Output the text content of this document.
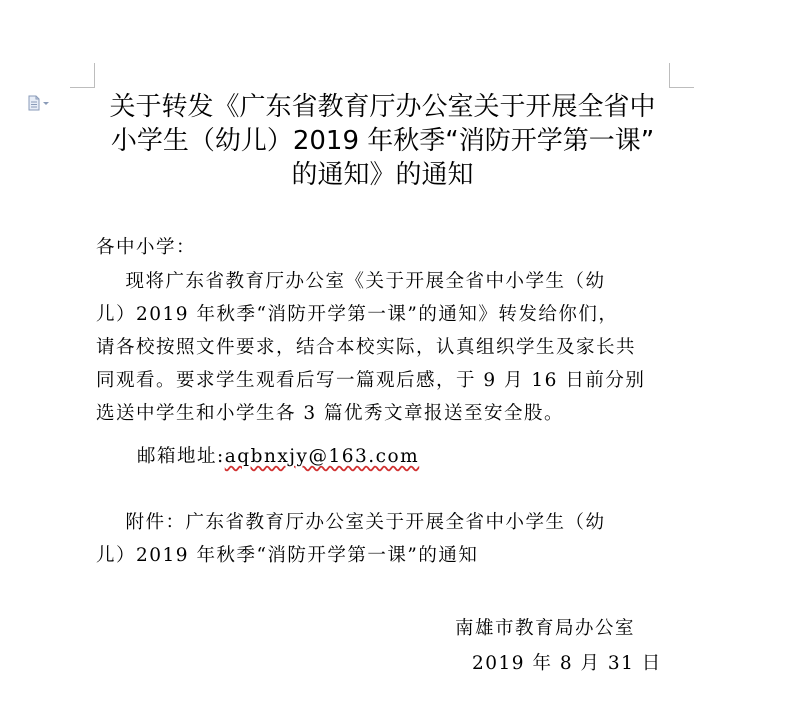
关于转发《广东省教育厅办公室关于开展全省中
小学生（幼儿）2019 年秋季“消防开学第一课”
的通知》的通知
各中小学：
现将广东省教育厅办公室《关于开展全省中小学生（幼
儿）2019 年秋季“消防开学第一课”的通知》转发给你们，
请各校按照文件要求，结合本校实际，认真组织学生及家长共
同观看。要求学生观看后写一篇观后感，于 9 月 16 日前分别
选送中学生和小学生各 3 篇优秀文章报送至安全股。
邮箱地址:aqbnxjy@163.com
附件：广东省教育厅办公室关于开展全省中小学生（幼
儿）2019 年秋季“消防开学第一课”的通知
南雄市教育局办公室
2019 年 8 月 31 日
